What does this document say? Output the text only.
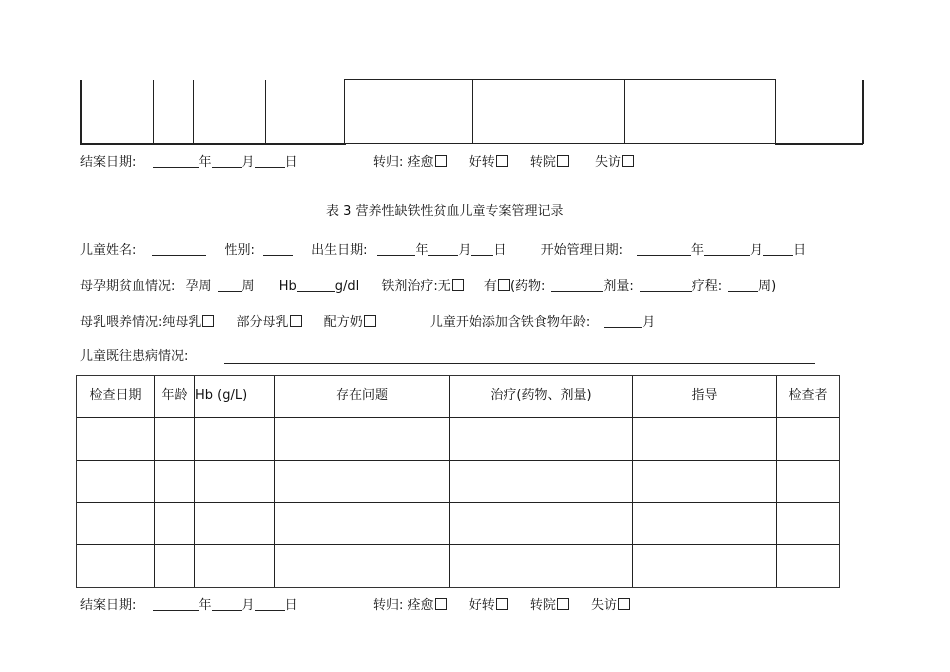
结案日期:	年 月 日	转归: 痊愈	好转	转院	失访
表 3 营养性缺铁性贫血儿童专案管理记录
儿童姓名:	性别:	出生日期:	年 月 日	开始管理日期:	年	月 日
母孕期贫血情况: 孕周 周 Hb	g/dl 铁剂治疗:无	有 (药物:	剂量:	疗程:	周)
母乳喂养情况:纯母乳	部分母乳	配方奶	儿童开始添加含铁食物年龄:	月
儿童既往患病情况:
检查日期	年龄 Hb (g/L)	存在问题	治疗(药物、剂量)	指导	检查者
结案日期:	年 月 日	转归: 痊愈	好转	转院	失访
